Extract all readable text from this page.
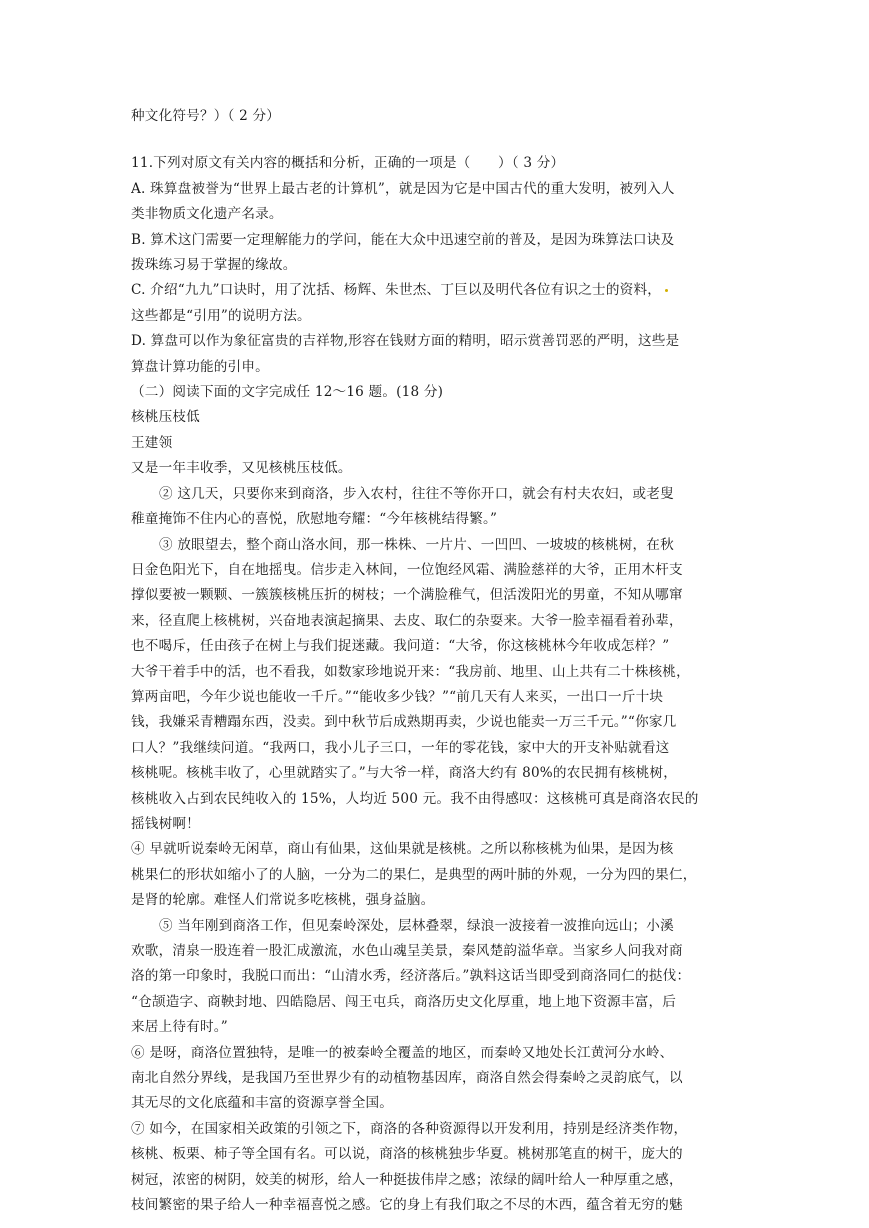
种文化符号？）（ 2 分）
11.下列对原文有关内容的概括和分析，正确的一项是（　　）（ 3 分）
A. 珠算盘被誉为“世界上最古老的计算机”，就是因为它是中国古代的重大发明，被列入人
类非物质文化遗产名录。
B. 算术这门需要一定理解能力的学问，能在大众中迅速空前的普及，是因为珠算法口诀及
拨珠练习易于掌握的缘故。
C. 介绍“九九”口诀时，用了沈括、杨辉、朱世杰、丁巨以及明代各位有识之士的资料，
这些都是“引用”的说明方法。
D. 算盘可以作为象征富贵的吉祥物,形容在钱财方面的精明，昭示赏善罚恶的严明，这些是
算盘计算功能的引申。
（二）阅读下面的文字完成任 12～16 题。(18 分)
核桃压枝低
王建领
又是一年丰收季，又见核桃压枝低。
② 这几天，只要你来到商洛，步入农村，往往不等你开口，就会有村夫农妇，或老叟
稚童掩饰不住内心的喜悦，欣慰地夸耀：“今年核桃结得繁。”
③ 放眼望去，整个商山洛水间，那一株株、一片片、一凹凹、一坡坡的核桃树，在秋
日金色阳光下，自在地摇曳。信步走入林间，一位饱经风霜、满脸慈祥的大爷，正用木杆支
撑似要被一颗颗、一簇簇核桃压折的树枝；一个满脸稚气，但活泼阳光的男童，不知从哪窜
来，径直爬上核桃树，兴奋地表演起摘果、去皮、取仁的杂耍来。大爷一脸幸福看着孙辈，
也不喝斥，任由孩子在树上与我们捉迷藏。我问道：“大爷，你这核桃林今年收成怎样？”
大爷干着手中的活，也不看我，如数家珍地说开来：“我房前、地里、山上共有二十株核桃，
算两亩吧，今年少说也能收一千斤。”“能收多少钱？”“前几天有人来买，一出口一斤十块
钱，我嫌采青糟蹋东西，没卖。到中秋节后成熟期再卖，少说也能卖一万三千元。”“你家几
口人？”我继续问道。“我两口，我小儿子三口，一年的零花钱，家中大的开支补贴就看这
核桃呢。核桃丰收了，心里就踏实了。”与大爷一样，商洛大约有 80%的农民拥有核桃树，
核桃收入占到农民纯收入的 15%，人均近 500 元。我不由得感叹：这核桃可真是商洛农民的
摇钱树啊！
④ 早就听说秦岭无闲草，商山有仙果，这仙果就是核桃。之所以称核桃为仙果，是因为核
桃果仁的形状如缩小了的人脑，一分为二的果仁，是典型的两叶肺的外观，一分为四的果仁，
是肾的轮廓。难怪人们常说多吃核桃，强身益脑。
⑤ 当年刚到商洛工作，但见秦岭深处，层林叠翠，绿浪一波接着一波推向远山；小溪
欢歌，清泉一股连着一股汇成激流，水色山魂呈美景，秦风楚韵溢华章。当家乡人问我对商
洛的第一印象时，我脱口而出：“山清水秀，经济落后。”孰料这话当即受到商洛同仁的挞伐：
“仓颉造字、商鞅封地、四皓隐居、闯王屯兵，商洛历史文化厚重，地上地下资源丰富，后
来居上待有时。”
⑥ 是呀，商洛位置独特，是唯一的被秦岭全覆盖的地区，而秦岭又地处长江黄河分水岭、
南北自然分界线，是我国乃至世界少有的动植物基因库，商洛自然会得秦岭之灵韵底气，以
其无尽的文化底蕴和丰富的资源享誉全国。
⑦ 如今，在国家相关政策的引领之下，商洛的各种资源得以开发利用，持别是经济类作物，
核桃、板栗、柿子等全国有名。可以说，商洛的核桃独步华夏。桃树那笔直的树干，庞大的
树冠，浓密的树阴，姣美的树形，给人一种挺拔伟岸之感；浓绿的阔叶给人一种厚重之感，
枝间繁密的果子给人一种幸福喜悦之感。它的身上有我们取之不尽的木西，蕴含着无穷的魅
